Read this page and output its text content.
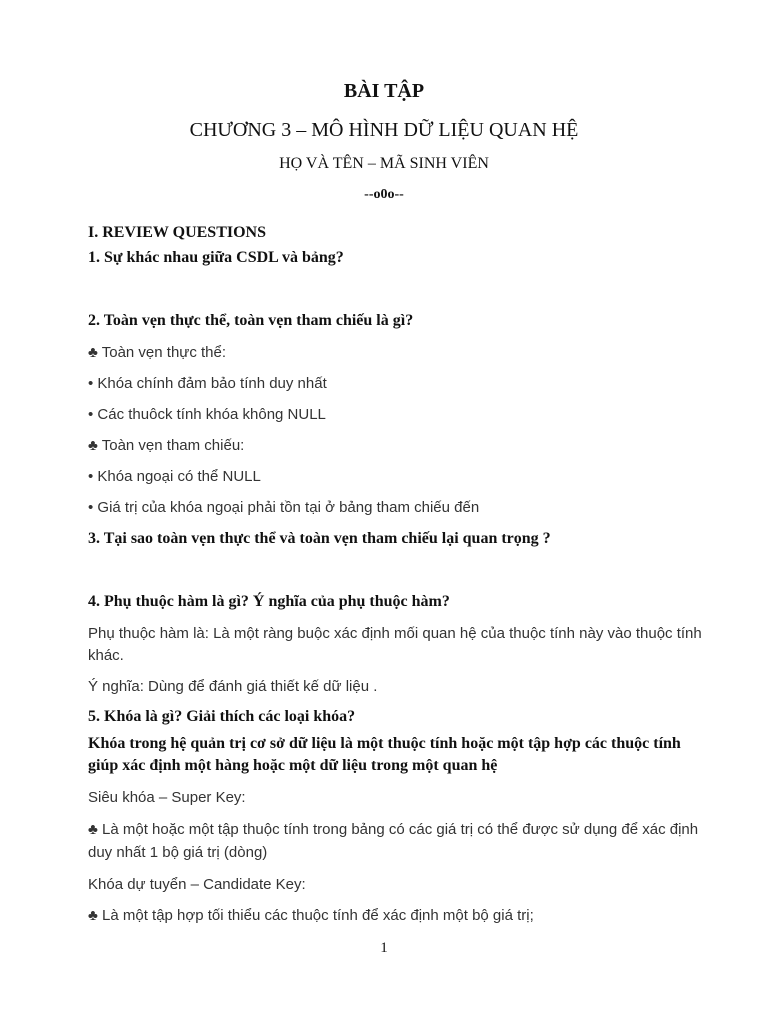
BÀI TẬP
CHƯƠNG 3 – MÔ HÌNH DỮ LIỆU QUAN HỆ
HỌ VÀ TÊN – MÃ SINH VIÊN
--o0o--
I. REVIEW QUESTIONS
1. Sự khác nhau giữa CSDL và bảng?
2. Toàn vẹn thực thể, toàn vẹn tham chiếu là gì?
♣ Toàn vẹn thực thể:
• Khóa chính đảm bảo tính duy nhất
• Các thuôck tính khóa không NULL
♣ Toàn vẹn tham chiếu:
• Khóa ngoại có thể NULL
• Giá trị của khóa ngoại phải tồn tại ở bảng tham chiếu đến
3. Tại sao toàn vẹn thực thể và toàn vẹn tham chiếu lại quan trọng ?
4. Phụ thuộc hàm là gì? Ý nghĩa của phụ thuộc hàm?
Phụ thuộc hàm là: Là một ràng buộc xác định mối quan hệ của thuộc tính này vào thuộc tính
khác.
Ý nghĩa: Dùng để đánh giá thiết kế dữ liệu .
5. Khóa là gì? Giải thích các loại khóa?
Khóa trong hệ quản trị cơ sở dữ liệu là một thuộc tính hoặc một tập hợp các thuộc tính
giúp xác định một hàng hoặc một dữ liệu trong một quan hệ
Siêu khóa – Super Key:
♣ Là một hoặc một tập thuộc tính trong bảng có các giá trị có thể được sử dụng để xác định
duy nhất 1 bộ giá trị (dòng)
Khóa dự tuyển – Candidate Key:
♣ Là một tập hợp tối thiểu các thuộc tính để xác định một bộ giá trị;
1
